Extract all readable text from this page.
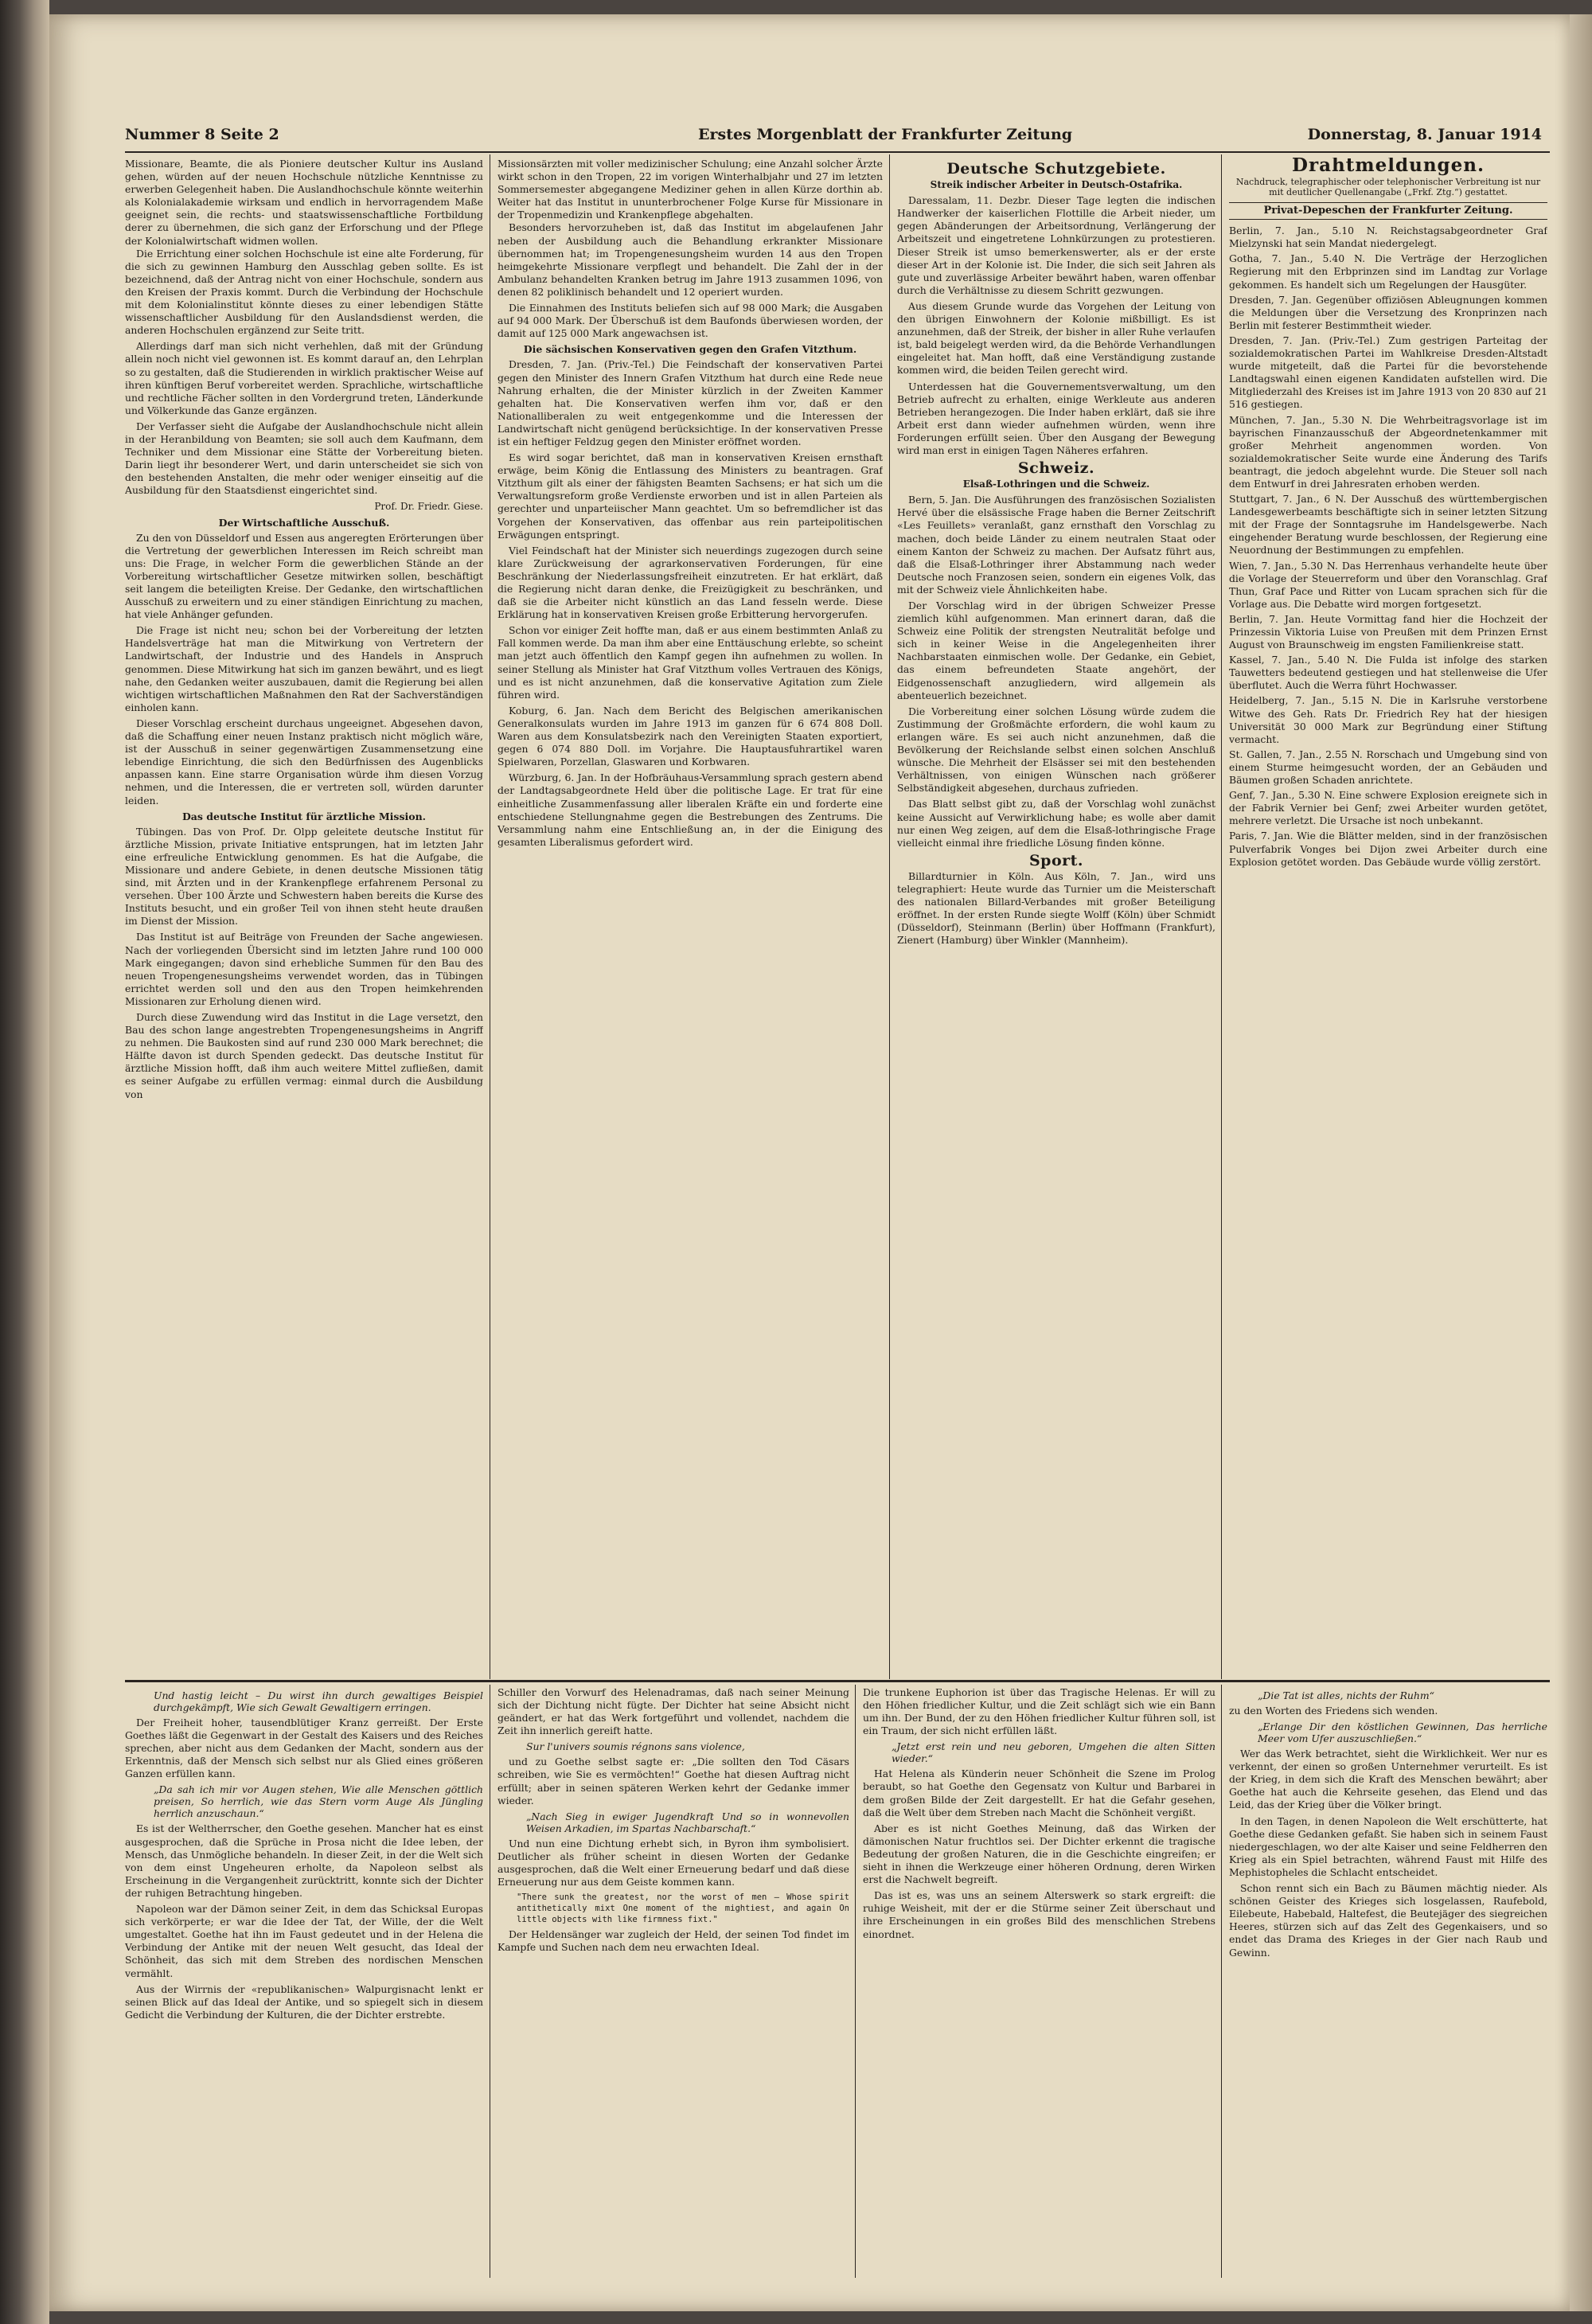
Nummer 8 Seite 2	Erstes Morgenblatt der Frankfurter Zeitung	Donnerstag, 8. Januar 1914

Missionare, Beamte, die als Pioniere deutscher Kultur ins Ausland gehen, würden auf der neuen Hochschule nützliche Kenntnisse zu erwerben Gelegenheit haben. Die Auslandhochschule könnte weiterhin als Kolonialakademie wirksam und endlich in hervorragendem Maße geeignet sein, die rechts- und staatswissenschaftliche Fortbildung derer zu übernehmen, die sich ganz der Erforschung und der Pflege der Kolonialwirtschaft widmen wollen.

Die Errichtung einer solchen Hochschule ist eine alte Forderung, für die sich zu gewinnen Hamburg den Ausschlag geben sollte. Es ist bezeichnend, daß der Antrag nicht von einer Hochschule, sondern aus den Kreisen der Praxis kommt. Durch die Verbindung der Hochschule mit dem Kolonialinstitut könnte dieses zu einer lebendigen Stätte wissenschaftlicher Ausbildung für den Auslandsdienst werden, die anderen Hochschulen ergänzend zur Seite tritt.

Allerdings darf man sich nicht verhehlen, daß mit der Gründung allein noch nicht viel gewonnen ist. Es kommt darauf an, den Lehrplan so zu gestalten, daß die Studierenden in wirklich praktischer Weise auf ihren künftigen Beruf vorbereitet werden. Sprachliche, wirtschaftliche und rechtliche Fächer sollten in den Vordergrund treten, Länderkunde und Völkerkunde das Ganze ergänzen.

Der Verfasser sieht die Aufgabe der Auslandhochschule nicht allein in der Heranbildung von Beamten; sie soll auch dem Kaufmann, dem Techniker und dem Missionar eine Stätte der Vorbereitung bieten. Darin liegt ihr besonderer Wert, und darin unterscheidet sie sich von den bestehenden Anstalten, die mehr oder weniger einseitig auf die Ausbildung für den Staatsdienst eingerichtet sind.

Prof. Dr. Friedr. Giese.
Der Wirtschaftliche Ausschuß.

Zu den von Düsseldorf und Essen aus angeregten Erörterungen über die Vertretung der gewerblichen Interessen im Reich schreibt man uns: Die Frage, in welcher Form die gewerblichen Stände an der Vorbereitung wirtschaftlicher Gesetze mitwirken sollen, beschäftigt seit langem die beteiligten Kreise. Der Gedanke, den wirtschaftlichen Ausschuß zu erweitern und zu einer ständigen Einrichtung zu machen, hat viele Anhänger gefunden.

Die Frage ist nicht neu; schon bei der Vorbereitung der letzten Handelsverträge hat man die Mitwirkung von Vertretern der Landwirtschaft, der Industrie und des Handels in Anspruch genommen. Diese Mitwirkung hat sich im ganzen bewährt, und es liegt nahe, den Gedanken weiter auszubauen, damit die Regierung bei allen wichtigen wirtschaftlichen Maßnahmen den Rat der Sachverständigen einholen kann.

Dieser Vorschlag erscheint durchaus ungeeignet. Abgesehen davon, daß die Schaffung einer neuen Instanz praktisch nicht möglich wäre, ist der Ausschuß in seiner gegenwärtigen Zusammensetzung eine lebendige Einrichtung, die sich den Bedürfnissen des Augenblicks anpassen kann. Eine starre Organisation würde ihm diesen Vorzug nehmen, und die Interessen, die er vertreten soll, würden darunter leiden.

Das deutsche Institut für ärztliche Mission.

Tübingen. Das von Prof. Dr. Olpp geleitete deutsche Institut für ärztliche Mission, private Initiative entsprungen, hat im letzten Jahr eine erfreuliche Entwicklung genommen. Es hat die Aufgabe, die Missionare und andere Gebiete, in denen deutsche Missionen tätig sind, mit Ärzten und in der Krankenpflege erfahrenem Personal zu versehen. Über 100 Ärzte und Schwestern haben bereits die Kurse des Instituts besucht, und ein großer Teil von ihnen steht heute draußen im Dienst der Mission.

Das Institut ist auf Beiträge von Freunden der Sache angewiesen. Nach der vorliegenden Übersicht sind im letzten Jahre rund 100 000 Mark eingegangen; davon sind erhebliche Summen für den Bau des neuen Tropengenesungsheims verwendet worden, das in Tübingen errichtet werden soll und den aus den Tropen heimkehrenden Missionaren zur Erholung dienen wird.

Durch diese Zuwendung wird das Institut in die Lage versetzt, den Bau des schon lange angestrebten Tropengenesungsheims in Angriff zu nehmen. Die Baukosten sind auf rund 230 000 Mark berechnet; die Hälfte davon ist durch Spenden gedeckt. Das deutsche Institut für ärztliche Mission hofft, daß ihm auch weitere Mittel zufließen, damit es seiner Aufgabe zu erfüllen vermag: einmal durch die Ausbildung von

Missionsärzten mit voller medizinischer Schulung; eine Anzahl solcher Ärzte wirkt schon in den Tropen, 22 im vorigen Winterhalbjahr und 27 im letzten Sommersemester abgegangene Mediziner gehen in allen Kürze dorthin ab. Weiter hat das Institut in ununterbrochener Folge Kurse für Missionare in der Tropenmedizin und Krankenpflege abgehalten.

Besonders hervorzuheben ist, daß das Institut im abgelaufenen Jahr neben der Ausbildung auch die Behandlung erkrankter Missionare übernommen hat; im Tropengenesungsheim wurden 14 aus den Tropen heimgekehrte Missionare verpflegt und behandelt. Die Zahl der in der Ambulanz behandelten Kranken betrug im Jahre 1913 zusammen 1096, von denen 82 poliklinisch behandelt und 12 operiert wurden.

Die Einnahmen des Instituts beliefen sich auf 98 000 Mark; die Ausgaben auf 94 000 Mark. Der Überschuß ist dem Baufonds überwiesen worden, der damit auf 125 000 Mark angewachsen ist.

Die sächsischen Konservativen gegen den Grafen Vitzthum.

Dresden, 7. Jan. (Priv.-Tel.) Die Feindschaft der konservativen Partei gegen den Minister des Innern Grafen Vitzthum hat durch eine Rede neue Nahrung erhalten, die der Minister kürzlich in der Zweiten Kammer gehalten hat. Die Konservativen werfen ihm vor, daß er den Nationalliberalen zu weit entgegenkomme und die Interessen der Landwirtschaft nicht genügend berücksichtige. In der konservativen Presse ist ein heftiger Feldzug gegen den Minister eröffnet worden.

Es wird sogar berichtet, daß man in konservativen Kreisen ernsthaft erwäge, beim König die Entlassung des Ministers zu beantragen. Graf Vitzthum gilt als einer der fähigsten Beamten Sachsens; er hat sich um die Verwaltungsreform große Verdienste erworben und ist in allen Parteien als gerechter und unparteiischer Mann geachtet. Um so befremdlicher ist das Vorgehen der Konservativen, das offenbar aus rein parteipolitischen Erwägungen entspringt.

Viel Feindschaft hat der Minister sich neuerdings zugezogen durch seine klare Zurückweisung der agrarkonservativen Forderungen, für eine Beschränkung der Niederlassungsfreiheit einzutreten. Er hat erklärt, daß die Regierung nicht daran denke, die Freizügigkeit zu beschränken, und daß sie die Arbeiter nicht künstlich an das Land fesseln werde. Diese Erklärung hat in konservativen Kreisen große Erbitterung hervorgerufen.

Schon vor einiger Zeit hoffte man, daß er aus einem bestimmten Anlaß zu Fall kommen werde. Da man ihm aber eine Enttäuschung erlebte, so scheint man jetzt auch öffentlich den Kampf gegen ihn aufnehmen zu wollen. In seiner Stellung als Minister hat Graf Vitzthum volles Vertrauen des Königs, und es ist nicht anzunehmen, daß die konservative Agitation zum Ziele führen wird.

Koburg, 6. Jan. Nach dem Bericht des Belgischen amerikanischen Generalkonsulats wurden im Jahre 1913 im ganzen für 6 674 808 Doll. Waren aus dem Konsulatsbezirk nach den Vereinigten Staaten exportiert, gegen 6 074 880 Doll. im Vorjahre. Die Hauptausfuhrartikel waren Spielwaren, Porzellan, Glaswaren und Korbwaren.

Würzburg, 6. Jan. In der Hofbräuhaus-Versammlung sprach gestern abend der Landtagsabgeordnete Held über die politische Lage. Er trat für eine einheitliche Zusammenfassung aller liberalen Kräfte ein und forderte eine entschiedene Stellungnahme gegen die Bestrebungen des Zentrums. Die Versammlung nahm eine Entschließung an, in der die Einigung des gesamten Liberalismus gefordert wird.

Deutsche Schutzgebiete.
Streik indischer Arbeiter in Deutsch-Ostafrika.

Daressalam, 11. Dezbr. Dieser Tage legten die indischen Handwerker der kaiserlichen Flottille die Arbeit nieder, um gegen Abänderungen der Arbeitsordnung, Verlängerung der Arbeitszeit und eingetretene Lohnkürzungen zu protestieren. Dieser Streik ist umso bemerkenswerter, als er der erste dieser Art in der Kolonie ist. Die Inder, die sich seit Jahren als gute und zuverlässige Arbeiter bewährt haben, waren offenbar durch die Verhältnisse zu diesem Schritt gezwungen.

Aus diesem Grunde wurde das Vorgehen der Leitung von den übrigen Einwohnern der Kolonie mißbilligt. Es ist anzunehmen, daß der Streik, der bisher in aller Ruhe verlaufen ist, bald beigelegt werden wird, da die Behörde Verhandlungen eingeleitet hat. Man hofft, daß eine Verständigung zustande kommen wird, die beiden Teilen gerecht wird.

Unterdessen hat die Gouvernementsverwaltung, um den Betrieb aufrecht zu erhalten, einige Werkleute aus anderen Betrieben herangezogen. Die Inder haben erklärt, daß sie ihre Arbeit erst dann wieder aufnehmen würden, wenn ihre Forderungen erfüllt seien. Über den Ausgang der Bewegung wird man erst in einigen Tagen Näheres erfahren.

Schweiz.
Elsaß-Lothringen und die Schweiz.

Bern, 5. Jan. Die Ausführungen des französischen Sozialisten Hervé über die elsässische Frage haben die Berner Zeitschrift «Les Feuillets» veranlaßt, ganz ernsthaft den Vorschlag zu machen, doch beide Länder zu einem neutralen Staat oder einem Kanton der Schweiz zu machen. Der Aufsatz führt aus, daß die Elsaß-Lothringer ihrer Abstammung nach weder Deutsche noch Franzosen seien, sondern ein eigenes Volk, das mit der Schweiz viele Ähnlichkeiten habe.

Der Vorschlag wird in der übrigen Schweizer Presse ziemlich kühl aufgenommen. Man erinnert daran, daß die Schweiz eine Politik der strengsten Neutralität befolge und sich in keiner Weise in die Angelegenheiten ihrer Nachbarstaaten einmischen wolle. Der Gedanke, ein Gebiet, das einem befreundeten Staate angehört, der Eidgenossenschaft anzugliedern, wird allgemein als abenteuerlich bezeichnet.

Die Vorbereitung einer solchen Lösung würde zudem die Zustimmung der Großmächte erfordern, die wohl kaum zu erlangen wäre. Es sei auch nicht anzunehmen, daß die Bevölkerung der Reichslande selbst einen solchen Anschluß wünsche. Die Mehrheit der Elsässer sei mit den bestehenden Verhältnissen, von einigen Wünschen nach größerer Selbständigkeit abgesehen, durchaus zufrieden.

Das Blatt selbst gibt zu, daß der Vorschlag wohl zunächst keine Aussicht auf Verwirklichung habe; es wolle aber damit nur einen Weg zeigen, auf dem die Elsaß-lothringische Frage vielleicht einmal ihre friedliche Lösung finden könne.

Sport.

Billardturnier in Köln. Aus Köln, 7. Jan., wird uns telegraphiert: Heute wurde das Turnier um die Meisterschaft des nationalen Billard-Verbandes mit großer Beteiligung eröffnet. In der ersten Runde siegte Wolff (Köln) über Schmidt (Düsseldorf), Steinmann (Berlin) über Hoffmann (Frankfurt), Zienert (Hamburg) über Winkler (Mannheim).

Drahtmeldungen.
Nachdruck, telegraphischer oder telephonischer Verbreitung ist nur mit deutlicher Quellenangabe („Frkf. Ztg.“) gestattet.
Privat-Depeschen der Frankfurter Zeitung.

Berlin, 7. Jan., 5.10 N. Reichstagsabgeordneter Graf Mielzynski hat sein Mandat niedergelegt.

Gotha, 7. Jan., 5.40 N. Die Verträge der Herzoglichen Regierung mit den Erbprinzen sind im Landtag zur Vorlage gekommen. Es handelt sich um Regelungen der Hausgüter.

Dresden, 7. Jan. Gegenüber offiziösen Ableugnungen kommen die Meldungen über die Versetzung des Kronprinzen nach Berlin mit festerer Bestimmtheit wieder.

Dresden, 7. Jan. (Priv.-Tel.) Zum gestrigen Parteitag der sozialdemokratischen Partei im Wahlkreise Dresden-Altstadt wurde mitgeteilt, daß die Partei für die bevorstehende Landtagswahl einen eigenen Kandidaten aufstellen wird. Die Mitgliederzahl des Kreises ist im Jahre 1913 von 20 830 auf 21 516 gestiegen.

München, 7. Jan., 5.30 N. Die Wehrbeitragsvorlage ist im bayrischen Finanzausschuß der Abgeordnetenkammer mit großer Mehrheit angenommen worden. Von sozialdemokratischer Seite wurde eine Änderung des Tarifs beantragt, die jedoch abgelehnt wurde. Die Steuer soll nach dem Entwurf in drei Jahresraten erhoben werden.

Stuttgart, 7. Jan., 6 N. Der Ausschuß des württembergischen Landesgewerbeamts beschäftigte sich in seiner letzten Sitzung mit der Frage der Sonntagsruhe im Handelsgewerbe. Nach eingehender Beratung wurde beschlossen, der Regierung eine Neuordnung der Bestimmungen zu empfehlen.

Wien, 7. Jan., 5.30 N. Das Herrenhaus verhandelte heute über die Vorlage der Steuerreform und über den Voranschlag. Graf Thun, Graf Pace und Ritter von Lucam sprachen sich für die Vorlage aus. Die Debatte wird morgen fortgesetzt.

Berlin, 7. Jan. Heute Vormittag fand hier die Hochzeit der Prinzessin Viktoria Luise von Preußen mit dem Prinzen Ernst August von Braunschweig im engsten Familienkreise statt.

Kassel, 7. Jan., 5.40 N. Die Fulda ist infolge des starken Tauwetters bedeutend gestiegen und hat stellenweise die Ufer überflutet. Auch die Werra führt Hochwasser.

Heidelberg, 7. Jan., 5.15 N. Die in Karlsruhe verstorbene Witwe des Geh. Rats Dr. Friedrich Rey hat der hiesigen Universität 30 000 Mark zur Begründung einer Stiftung vermacht.

St. Gallen, 7. Jan., 2.55 N. Rorschach und Umgebung sind von einem Sturme heimgesucht worden, der an Gebäuden und Bäumen großen Schaden anrichtete.

Genf, 7. Jan., 5.30 N. Eine schwere Explosion ereignete sich in der Fabrik Vernier bei Genf; zwei Arbeiter wurden getötet, mehrere verletzt. Die Ursache ist noch unbekannt.

Paris, 7. Jan. Wie die Blätter melden, sind in der französischen Pulverfabrik Vonges bei Dijon zwei Arbeiter durch eine Explosion getötet worden. Das Gebäude wurde völlig zerstört.

Und hastig leicht – Du wirst ihn durch gewaltiges Beispiel durchgekämpft, Wie sich Gewalt Gewaltigern erringen.

Der Freiheit hoher, tausendblütiger Kranz gerreißt. Der Erste Goethes läßt die Gegenwart in der Gestalt des Kaisers und des Reiches sprechen, aber nicht aus dem Gedanken der Macht, sondern aus der Erkenntnis, daß der Mensch sich selbst nur als Glied eines größeren Ganzen erfüllen kann.

„Da sah ich mir vor Augen stehen, Wie alle Menschen göttlich preisen, So herrlich, wie das Stern vorm Auge Als Jüngling herrlich anzuschaun.“

Es ist der Weltherrscher, den Goethe gesehen. Mancher hat es einst ausgesprochen, daß die Sprüche in Prosa nicht die Idee leben, der Mensch, das Unmögliche behandeln. In dieser Zeit, in der die Welt sich von dem einst Ungeheuren erholte, da Napoleon selbst als Erscheinung in die Vergangenheit zurücktritt, konnte sich der Dichter der ruhigen Betrachtung hingeben.

Napoleon war der Dämon seiner Zeit, in dem das Schicksal Europas sich verkörperte; er war die Idee der Tat, der Wille, der die Welt umgestaltet. Goethe hat ihn im Faust gedeutet und in der Helena die Verbindung der Antike mit der neuen Welt gesucht, das Ideal der Schönheit, das sich mit dem Streben des nordischen Menschen vermählt.

Aus der Wirrnis der «republikanischen» Walpurgisnacht lenkt er seinen Blick auf das Ideal der Antike, und so spiegelt sich in diesem Gedicht die Verbindung der Kulturen, die der Dichter erstrebte.

Schiller den Vorwurf des Helenadramas, daß nach seiner Meinung sich der Dichtung nicht fügte. Der Dichter hat seine Absicht nicht geändert, er hat das Werk fortgeführt und vollendet, nachdem die Zeit ihn innerlich gereift hatte.

Sur l'univers soumis régnons sans violence,

und zu Goethe selbst sagte er: „Die sollten den Tod Cäsars schreiben, wie Sie es vermöchten!“ Goethe hat diesen Auftrag nicht erfüllt; aber in seinen späteren Werken kehrt der Gedanke immer wieder.

„Nach Sieg in ewiger Jugendkraft Und so in wonnevollen Weisen Arkadien, im Spartas Nachbarschaft.“

Und nun eine Dichtung erhebt sich, in Byron ihm symbolisiert. Deutlicher als früher scheint in diesen Worten der Gedanke ausgesprochen, daß die Welt einer Erneuerung bedarf und daß diese Erneuerung nur aus dem Geiste kommen kann.

"There sunk the greatest, nor the worst of men – Whose spirit antithetically mixt One moment of the mightiest, and again On little objects with like firmness fixt."

Der Heldensänger war zugleich der Held, der seinen Tod findet im Kampfe und Suchen nach dem neu erwachten Ideal.

Die trunkene Euphorion ist über das Tragische Helenas. Er will zu den Höhen friedlicher Kultur, und die Zeit schlägt sich wie ein Bann um ihn. Der Bund, der zu den Höhen friedlicher Kultur führen soll, ist ein Traum, der sich nicht erfüllen läßt.

„Jetzt erst rein und neu geboren, Umgehen die alten Sitten wieder.“

Hat Helena als Künderin neuer Schönheit die Szene im Prolog beraubt, so hat Goethe den Gegensatz von Kultur und Barbarei in dem großen Bilde der Zeit dargestellt. Er hat die Gefahr gesehen, daß die Welt über dem Streben nach Macht die Schönheit vergißt.

Aber es ist nicht Goethes Meinung, daß das Wirken der dämonischen Natur fruchtlos sei. Der Dichter erkennt die tragische Bedeutung der großen Naturen, die in die Geschichte eingreifen; er sieht in ihnen die Werkzeuge einer höheren Ordnung, deren Wirken erst die Nachwelt begreift.

Das ist es, was uns an seinem Alterswerk so stark ergreift: die ruhige Weisheit, mit der er die Stürme seiner Zeit überschaut und ihre Erscheinungen in ein großes Bild des menschlichen Strebens einordnet.

„Die Tat ist alles, nichts der Ruhm“

zu den Worten des Friedens sich wenden.

„Erlange Dir den köstlichen Gewinnen, Das herrliche Meer vom Ufer auszuschließen.“

Wer das Werk betrachtet, sieht die Wirklichkeit. Wer nur es verkennt, der einen so großen Unternehmer verurteilt. Es ist der Krieg, in dem sich die Kraft des Menschen bewährt; aber Goethe hat auch die Kehrseite gesehen, das Elend und das Leid, das der Krieg über die Völker bringt.

In den Tagen, in denen Napoleon die Welt erschütterte, hat Goethe diese Gedanken gefaßt. Sie haben sich in seinem Faust niedergeschlagen, wo der alte Kaiser und seine Feldherren den Krieg als ein Spiel betrachten, während Faust mit Hilfe des Mephistopheles die Schlacht entscheidet.

Schon rennt sich ein Bach zu Bäumen mächtig nieder. Als schönen Geister des Krieges sich losgelassen, Raufebold, Eilebeute, Habebald, Haltefest, die Beutejäger des siegreichen Heeres, stürzen sich auf das Zelt des Gegenkaisers, und so endet das Drama des Krieges in der Gier nach Raub und Gewinn.
